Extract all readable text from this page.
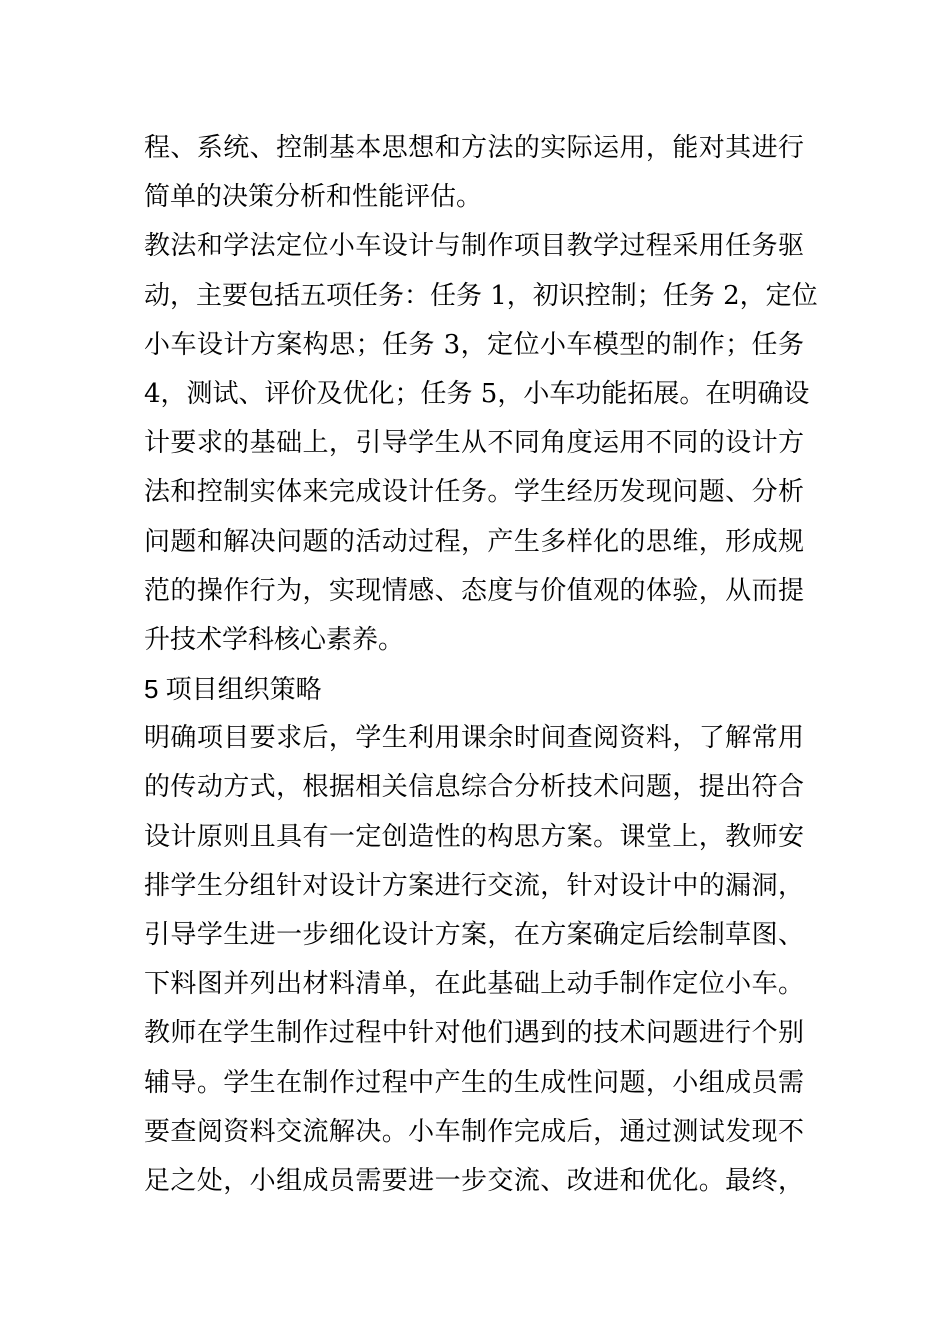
程、系统、控制基本思想和方法的实际运用，能对其进行
简单的决策分析和性能评估。
教法和学法定位小车设计与制作项目教学过程采用任务驱
动，主要包括五项任务：任务 1，初识控制；任务 2，定位
小车设计方案构思；任务 3，定位小车模型的制作；任务
4，测试、评价及优化；任务 5，小车功能拓展。在明确设
计要求的基础上，引导学生从不同角度运用不同的设计方
法和控制实体来完成设计任务。学生经历发现问题、分析
问题和解决问题的活动过程，产生多样化的思维，形成规
范的操作行为，实现情感、态度与价值观的体验，从而提
升技术学科核心素养。
5 项目组织策略
明确项目要求后，学生利用课余时间查阅资料，了解常用
的传动方式，根据相关信息综合分析技术问题，提出符合
设计原则且具有一定创造性的构思方案。课堂上，教师安
排学生分组针对设计方案进行交流，针对设计中的漏洞，
引导学生进一步细化设计方案，在方案确定后绘制草图、
下料图并列出材料清单，在此基础上动手制作定位小车。
教师在学生制作过程中针对他们遇到的技术问题进行个别
辅导。学生在制作过程中产生的生成性问题，小组成员需
要查阅资料交流解决。小车制作完成后，通过测试发现不
足之处，小组成员需要进一步交流、改进和优化。最终，
